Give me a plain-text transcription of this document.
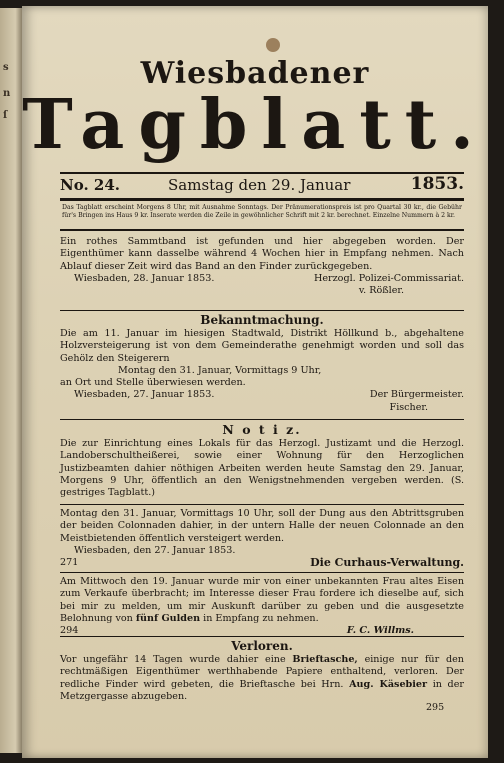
s
n
ſ
Wiesbadener
Tagblatt.
No. 24.	Samstag den 29. Januar	1853.
Das Tagblatt erscheint Morgens 8 Uhr, mit Ausnahme Sonntags. Der Pränumerationspreis ist pro Quartal 30 kr., die Gebühr für's Bringen ins Haus 9 kr. Inserate werden die Zeile in gewöhnlicher Schrift mit 2 kr. berechnet. Einzelne Nummern à 2 kr.

Ein rothes Sammtband ist gefunden und hier abgegeben worden. Der Eigenthümer kann dasselbe während 4 Wochen hier in Empfang nehmen. Nach Ablauf dieser Zeit wird das Band an den Finder zurückgegeben.

Wiesbaden, 28. Januar 1853.	Herzogl. Polizei-Commissariat.
v. Rößler.
Bekanntmachung.

Die am 11. Januar im hiesigen Stadtwald, Distrikt Höllkund b., abgehaltene Holzversteigerung ist von dem Gemeinderathe genehmigt worden und soll das Gehölz den Steigerern

Montag den 31. Januar, Vormittags 9 Uhr,

an Ort und Stelle überwiesen werden.

Wiesbaden, 27. Januar 1853.	Der Bürgermeister.
Fischer.
N o t i z.

Die zur Einrichtung eines Lokals für das Herzogl. Justizamt und die Herzogl. Landoberschultheißerei, sowie einer Wohnung für den Herzoglichen Justizbeamten dahier nöthigen Arbeiten werden heute Samstag den 29. Januar, Morgens 9 Uhr, öffentlich an den Wenigstnehmenden vergeben werden. (S. gestriges Tagblatt.)

Montag den 31. Januar, Vormittags 10 Uhr, soll der Dung aus den Abtrittsgruben der beiden Colonnaden dahier, in der untern Halle der neuen Colonnade an den Meistbietenden öffentlich versteigert werden.

Wiesbaden, den 27. Januar 1853.
271	Die Curhaus-Verwaltung.

Am Mittwoch den 19. Januar wurde mir von einer unbekannten Frau altes Eisen zum Verkaufe überbracht; im Interesse dieser Frau fordere ich dieselbe auf, sich bei mir zu melden, um mir Auskunft darüber zu geben und die ausgesetzte Belohnung von fünf Gulden in Empfang zu nehmen.

294	F. C. Willms.
Verloren.

Vor ungefähr 14 Tagen wurde dahier eine Brieftasche, einige nur für den rechtmäßigen Eigenthümer werthhabende Papiere enthaltend, verloren. Der redliche Finder wird gebeten, die Brieftasche bei Hrn. Aug. Käsebier in der Metzgergasse abzugeben.

295
